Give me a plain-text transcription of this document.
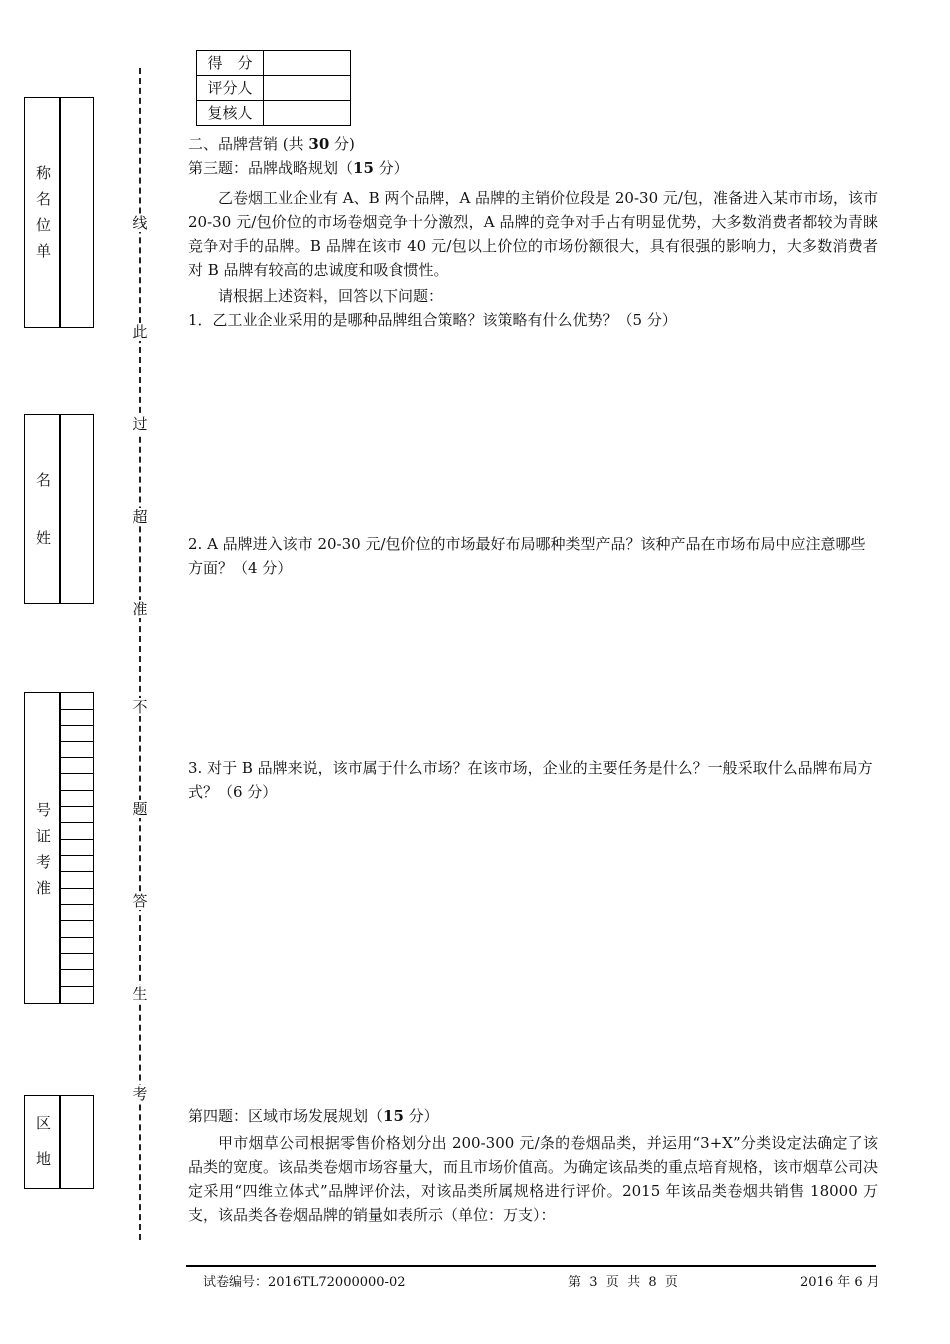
称
名
位
单
名
姓
号
证
考
准
区
地
线
此
过
超
准
不
题
答
生
考
得　分	
评分人	
复核人	
二、品牌营销 (共 30 分)
第三题：品牌战略规划（15 分）
乙卷烟工业企业有 A、B 两个品牌，A 品牌的主销价位段是 20-30 元/包，准备进入某市市场，该市 20-30 元/包价位的市场卷烟竞争十分激烈，A 品牌的竞争对手占有明显优势，大多数消费者都较为青睐竞争对手的品牌。B 品牌在该市 40 元/包以上价位的市场份额很大，具有很强的影响力，大多数消费者对 B 品牌有较高的忠诚度和吸食惯性。
请根据上述资料，回答以下问题：
1．乙工业企业采用的是哪种品牌组合策略？该策略有什么优势？（5 分）
2. A 品牌进入该市 20-30 元/包价位的市场最好布局哪种类型产品？该种产品在市场布局中应注意哪些方面？（4 分）
3. 对于 B 品牌来说，该市属于什么市场？在该市场，企业的主要任务是什么？一般采取什么品牌布局方式？（6 分）
第四题：区域市场发展规划（15 分）
甲市烟草公司根据零售价格划分出 200-300 元/条的卷烟品类，并运用“3+X”分类设定法确定了该品类的宽度。该品类卷烟市场容量大，而且市场价值高。为确定该品类的重点培育规格，该市烟草公司决定采用“四维立体式”品牌评价法，对该品类所属规格进行评价。2015 年该品类卷烟共销售 18000 万支，该品类各卷烟品牌的销量如表所示（单位：万支）：
试卷编号：2016TL72000000-02	第  3  页  共  8  页	2016 年 6 月
